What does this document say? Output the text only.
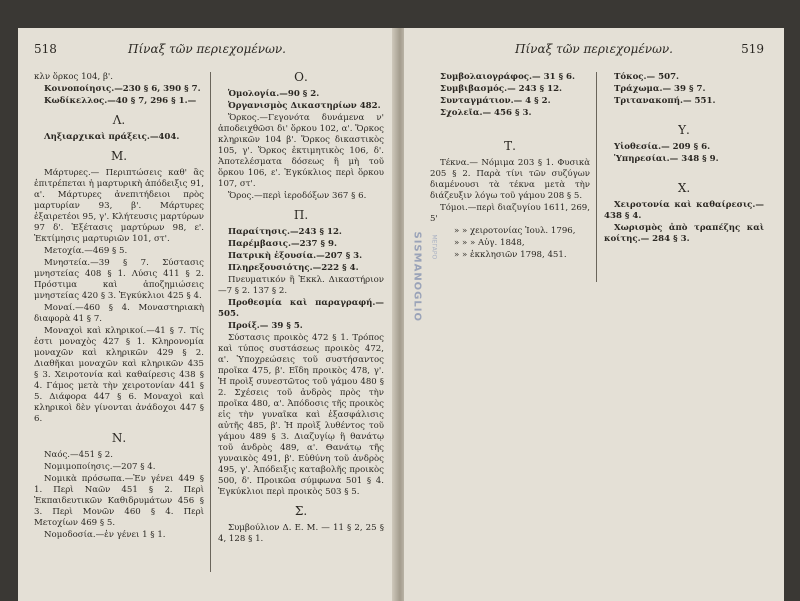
518	Πίναξ τῶν περιεχομένων.

κλν ὅρκος 104, β'.

Κοινοποίησις.—230 § 6, 390 § 7.

Κωδίκελλος.—40 § 7, 296 § 1.—

Λ.

Ληξιαρχικαὶ πράξεις.—404.

Μ.

Μάρτυρες.— Περιπτώσεις καθ' ἃς ἐπιτρέπεται ἡ μαρτυρικὴ ἀπόδειξις 91, α'. Μάρτυρες ἀνεπιτήδειοι πρὸς μαρτυρίαν 93, β'. Μάρτυρες ἐξαιρετέοι 95, γ'. Κλήτευσις μαρτύρων 97 δ'. Ἐξέτασις μαρτύρων 98, ε'. Ἐκτίμησις μαρτυριῶν 101, στ'.

Μετοχία.—469 § 5.

Μνηστεία.—39 § 7. Σύστασις μνηστείας 408 § 1. Λύσις 411 § 2. Πρόστιμα καὶ ἀποζημιώσεις μνηστείας 420 § 3. Ἐγκύκλιοι 425 § 4.

Μοναί.—460 § 4. Μοναστηριακὴ διαφορὰ 41 § 7.

Μοναχοὶ καὶ κληρικοί.—41 § 7. Τίς ἐστι μοναχὸς 427 § 1. Κληρονομία μοναχῶν καὶ κληρικῶν 429 § 2. Διαθῆκαι μοναχῶν καὶ κληρικῶν 435 § 3. Χειροτονία καὶ καθαίρεσις 438 § 4. Γάμος μετὰ τὴν χειροτονίαν 441 § 5. Διάφορα 447 § 6. Μοναχοὶ καὶ κληρικοὶ δὲν γίνονται ἀνάδοχοι 447 § 6.

Ν.

Ναός.—451 § 2.

Νομιμοποίησις.—207 § 4.

Νομικὰ πρόσωπα.—Ἐν γένει 449 § 1. Περὶ Ναῶν 451 § 2. Περὶ Ἐκπαιδευτικῶν Καθιδρυμάτων 456 § 3. Περὶ Μονῶν 460 § 4. Περὶ Μετοχίων 469 § 5.

Νομοδοσία.—ἐν γένει 1 § 1.

Ο.

Ὁμολογία.—90 § 2.

Ὀργανισμὸς Δικαστηρίων 482.

Ὅρκος.—Γεγονότα δυνάμενα ν' ἀποδειχθῶσι δι' ὅρκου 102, α'. Ὅρκος κληρικῶν 104 β'. Ὅρκος δικαστικὸς 105, γ'. Ὅρκος ἐκτιμητικὸς 106, δ'. Ἀποτελέσματα δόσεως ἢ μὴ τοῦ ὅρκου 106, ε'. Ἐγκύκλιος περὶ ὅρκου 107, στ'.

Ὅρος.—περὶ ἱεροδόξων 367 § 6.

Π.

Παραίτησις.—243 § 12.

Παρέμβασις.—237 § 9.

Πατρικὴ ἐξουσία.—207 § 3.

Πληρεξουσιότης.—222 § 4.

Πνευματικόν ἢ Ἐκκλ. Δικαστήριον —7 § 2. 137 § 2.

Προθεσμία καὶ παραγραφή.—505.

Προίξ.— 39 § 5.

Σύστασις προικὸς 472 § 1. Τρόπος καὶ τύπος συστάσεως προικὸς 472, α'. Ὑποχρεώσεις τοῦ συστήσαντος προῖκα 475, β'. Εἴδη προικὸς 478, γ'. Ἡ προὶξ συνεστῶτος τοῦ γάμου 480 § 2. Σχέσεις τοῦ ἀνδρὸς πρὸς τὴν προῖκα 480, α'. Ἀπόδοσις τῆς προικὸς εἰς τὴν γυναῖκα καὶ ἐξασφάλισις αὐτῆς 485, β'. Ἡ προὶξ λυθέντος τοῦ γάμου 489 § 3. Διαζυγίῳ ἢ θανάτῳ τοῦ ἀνδρὸς 489, α'. Θανάτῳ τῆς γυναικὸς 491, β'. Εὐθύνη τοῦ ἀνδρὸς 495, γ'. Ἀπόδειξις καταβολῆς προικὸς 500, δ'. Προικῶα σύμφωνα 501 § 4. Ἐγκύκλιοι περὶ προικὸς 503 § 5.

Σ.

Συμβούλιον Δ. Ε. Μ. — 11 § 2, 25 § 4, 128 § 1.

Πίναξ τῶν περιεχομένων.	519

Συμβολαιογράφος.— 31 § 6.

Συμβιβασμός.— 243 § 12.

Συνταγμάτιον.— 4 § 2.

Σχολεῖα.— 456 § 3.

Τ.

Τέκνα.— Νόμιμα 203 § 1. Φυσικὰ 205 § 2. Παρὰ τίνι τῶν συζύγων διαμένουσι τὰ τέκνα μετὰ τὴν διάζευξιν λόγω τοῦ γάμου 208 § 5.

Τόμοι.—περὶ διαζυγίου 1611, 269, 5'

» » χειροτονίας Ἰουλ. 1796,

» » » Αὐγ. 1848,

» » ἐκκλησιῶν 1798, 451.

Τόκος.— 507.

Τράχωμα.— 39 § 7.

Τριτανακοπή.— 551.

Υ.

Υἱοθεσία.— 209 § 6.

Ὑπηρεσίαι.— 348 § 9.

Χ.

Χειροτονία καὶ καθαίρεσις.— 438 § 4.

Χωρισμὸς ἀπὸ τραπέζης καὶ κοίτης.— 284 § 3.

SISMANOGLIO ΜΕΓΑΡΟ
